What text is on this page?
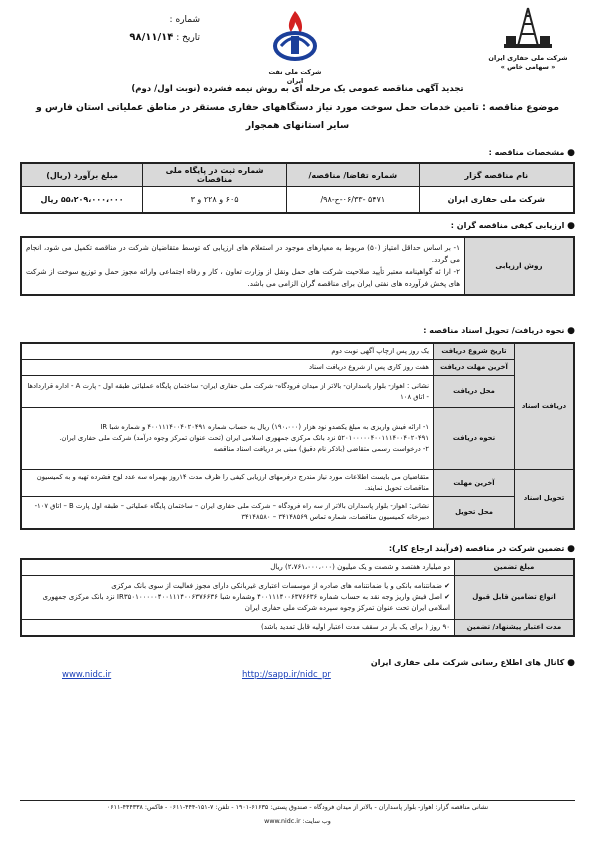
شماره :
تاریخ : ۹۸/۱۱/۱۴
شرکت ملی نفت ایران
شرکت ملی حفاری ایران
« سهامی خاص »
تجدید آگهی مناقصه عمومی یک مرحله ای به روش نیمه فشرده (نوبت اول/ دوم)
موضوع مناقصه : تامین خدمات حمل سوخت مورد نیاز دستگاههای حفاری مستقر در مناطق عملیاتی استان فارس و سایر استانهای همجوار
● مشخصات مناقصه :
نام مناقصه گزار	شماره تقاضا/ مناقصه/	شماره ثبت در پایگاه ملی مناقصات	مبلغ برآورد (ریال)
شرکت ملی حفاری ایران	۵۴۷۱ -۰۶/۳۳-ح-۹۸/	۶۰۵ و ۲۲۸ و ۳	۵۵،۲۰۹،۰۰۰،۰۰۰ ریال
● ارزیابی کیفی مناقصه گران :
روش ارزیابی	
۱- بر اساس حداقل امتیاز (۵۰) مربوط به معیارهای موجود در استعلام های ارزیابی که توسط متقاضیان شرکت در مناقصه تکمیل می شود، انجام می گردد.
۲- ارا ئه گواهینامه معتبر تأیید صلاحیت شرکت های حمل ونقل از وزارت تعاون ، کار و رفاه اجتماعی وارائه مجوز حمل و توزیع سوخت از شرکت های پخش فرآورده های نفتی ایران برای مناقصه گران الزامی می باشد.
● نحوه دریافت/ تحویل اسناد مناقصه :
دریافت اسناد	تاریخ شروع دریافت	یک روز پس ازچاپ آگهی نوبت دوم
	آخرین مهلت دریافت	هفت روز کاری پس از شروع دریافت اسناد
	محل دریافت	نشانی : اهواز- بلوار پاسداران- بالاتر از میدان فرودگاه- شرکت ملی حفاری ایران- ساختمان پایگاه عملیاتی طبقه اول - پارت A - اداره قراردادها - اتاق ۱۰۸
	نحوه دریافت	۱- ارائه فیش واریزی به مبلغ یکصدو نود هزار (۱۹۰،۰۰۰) ریال به حساب شماره ۴۰۰۱۱۱۴۰۰۴۰۲۰۴۹۱ و شماره شبا IR ۵۲۰۱۰۰۰۰۰۴۰۰۱۱۱۴۰۰۴۰۲۰۴۹۱ نزد بانک مرکزی جمهوری اسلامی ایران (تحت عنوان تمرکز وجوه درآمد) شرکت ملی حفاری ایران.
۲- درخواست رسمی متقاضی (باذکر نام دقیق) مبنی بر دریافت اسناد مناقصه

تحویل اسناد	آخرین مهلت	متقاضیان می بایست اطلاعات مورد نیاز مندرج درفرمهای ارزیابی کیفی را ظرف مدت ۱۴روز بهمراه سه عدد لوح فشرده تهیه و به کمیسیون مناقصات تحویل نمایند.
	محل تحویل	نشانی: اهواز- بلوار پاسداران بالاتر از سه راه فرودگاه – شرکت ملی حفاری ایران – ساختمان پایگاه عملیاتی – طبقه اول پارت B – اتاق ۱۰۷- دبیرخانه کمیسیون مناقصات، شماره تماس ۳۴۱۴۸۵۶۹ – ۳۴۱۴۸۵۸۰
● تضمین شرکت در مناقصه (فرآیند ارجاع کار):
مبلغ تضمین	دو میلیارد هفتصد و شصت و یک میلیون (۲،۷۶۱،۰۰۰،۰۰۰) ریال
انواع تضامین قابل قبول	✔ ضمانتنامه بانکی و یا ضمانتنامه های صادره از موسسات اعتباری غیربانکی دارای مجوز فعالیت از سوی بانک مرکزی
✔ اصل فیش واریز وجه نقد به حساب شماره ۴۰۰۱۱۱۴۰۰۶۳۷۶۶۳۶ وشماره شبا IR۳۵۰۱۰۰۰۰۰۴۰۰۱۱۱۴۰۰۶۳۷۶۶۳۶ نزد بانک مرکزی جمهوری اسلامی ایران تحت عنوان تمرکز وجوه سپرده شرکت ملی حفاری ایران

مدت اعتبار پیشنهاد/ تضمین	۹۰ روز ( برای یک بار در سقف مدت اعتبار اولیه قابل تمدید باشد)
● کانال های اطلاع رسانی شرکت ملی حفاری ایران
www.nidc.ir	http://sapp.ir/nidc_pr
نشانی مناقصه گزار: اهواز- بلوار پاسداران - بالاتر از میدان فرودگاه - صندوق پستی: ۶۱۶۳۵-۱۹۰۱ - تلفن: ۷-۱۵۱-۴۴۴-۰۶۱۱ - فاکس: ۴۴۴۳۳۸-۰۶۱۱
وب سایت: www.nidc.ir
